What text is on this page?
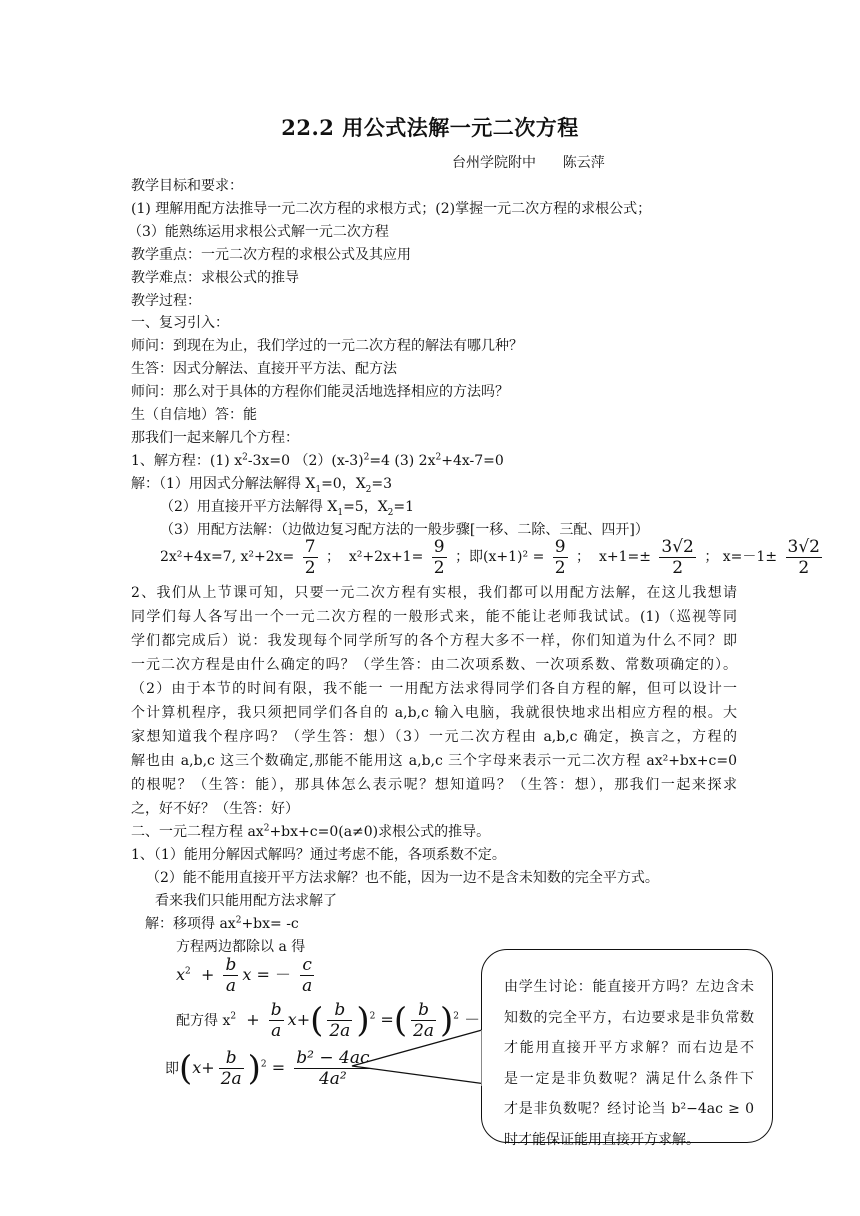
22.2 用公式法解一元二次方程
台州学院附中      陈云萍
教学目标和要求：
(1) 理解用配方法推导一元二次方程的求根方式；(2)掌握一元二次方程的求根公式；
（3）能熟练运用求根公式解一元二次方程
教学重点：一元二次方程的求根公式及其应用
教学难点：求根公式的推导
教学过程：
一、复习引入：
师问：到现在为止，我们学过的一元二次方程的解法有哪几种？
生答：因式分解法、直接开平方法、配方法
师问：那么对于具体的方程你们能灵活地选择相应的方法吗？
生（自信地）答：能
那我们一起来解几个方程：
1、解方程：(1) $x^2-3x=0$ $(2)(x-3)^2=4$ (3) $2x^2+4x-7=0$
解：（1）用因式分解法解得 $X_1=0$，$X_2=3$
（2）用直接开平方法解得 $X_1=5$，$X_2=1$
（3）用配方法解：（边做边复习配方法的一般步骤[一移、二除、三配、四开]）
2x²+4x=7, $x^2+2x= \frac{7}{2}$ ； $x^2+2x+1= \frac{9}{2}$ ；即$(x+1)^2 = \frac{9}{2}$ ； $x+1=\pm \frac{3√2}{2}$ ； $x=-1\pm \frac{3√2}{2}$
2、我们从上节课可知，只要一元二次方程有实根，我们都可以用配方法解，在这儿我想请
同学们每人各写出一个一元二次方程的一般形式来，能不能让老师我试试。(1)（巡视等同
学们都完成后）说：我发现每个同学所写的各个方程大多不一样，你们知道为什么不同？即
一元二次方程是由什么确定的吗？（学生答：由二次项系数、一次项系数、常数项确定的）。
（2）由于本节的时间有限，我不能一 一用配方法求得同学们各自方程的解，但可以设计一
个计算机程序，我只须把同学们各自的 a,b,c 输入电脑，我就很快地求出相应方程的根。大
家想知道我个程序吗？（学生答：想）（3）一元二次方程由 a,b,c 确定，换言之，方程的
解也由 a,b,c 这三个数确定,那能不能用这 a,b,c 三个字母来表示一元二次方程 ax²+bx+c=0
的根呢？（生答：能），那具体怎么表示呢？想知道吗？（生答：想），那我们一起来探求
之，好不好？（生答：好）
二、一元二程方程 $ax^2+bx+c=0(a\ne 0)$求根公式的推导。
1、（1）能用分解因式解吗？通过考虑不能，各项系数不定。
（2）能不能用直接开平方法求解？也不能，因为一边不是含未知数的完全平方式。
看来我们只能用配方法求解了
解：移项得 $ax^2+bx= -c$
方程两边都除以 a 得
$x^2 + \frac{b}{a}$ x = － $\frac{c}{a}$
配方得 $x^2 + \frac{b}{a} x+( \frac{b}{2a} )^2$ =( $\frac{b}{2a} )^2$ －
即$(x+ \frac{b}{2a} )^2 = \frac{\text{b² − 4ac}}{\text{4a²}}$
由学生讨论：能直接开方吗？左边含未
知数的完全平方，右边要求是非负常数
才能用直接开平方求解？而右边是不
是一定是非负数呢？满足什么条件下
才是非负数呢？经讨论当 b²−4ac ≥ 0
时才能保证能用直接开方求解。
